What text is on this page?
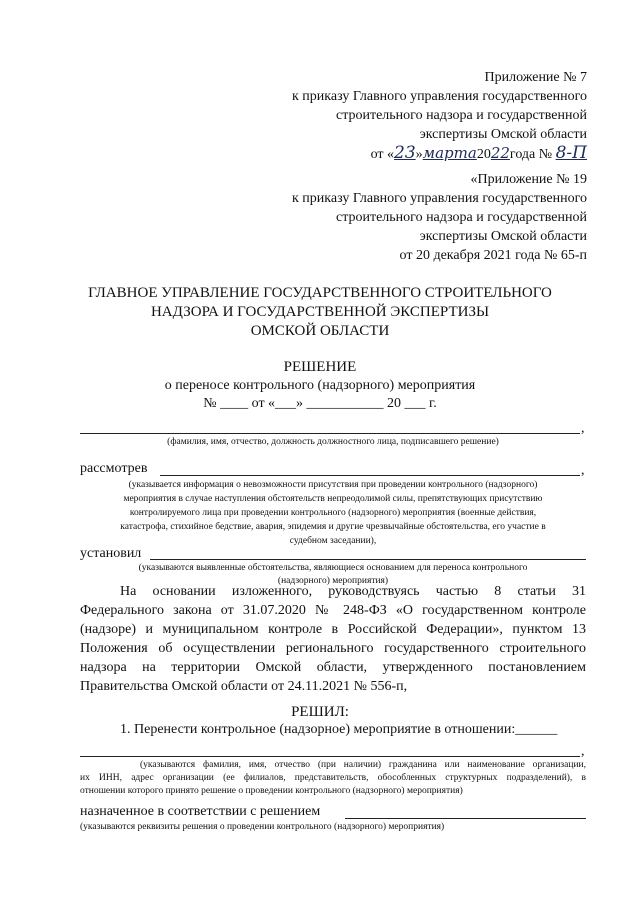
Приложение № 7
к приказу Главного управления государственного
строительного надзора и государственной
экспертизы Омской области
от «23»марта2022года № 8-П
«Приложение № 19
к приказу Главного управления государственного
строительного надзора и государственной
экспертизы Омской области
от 20 декабря 2021 года № 65-п
ГЛАВНОЕ УПРАВЛЕНИЕ ГОСУДАРСТВЕННОГО СТРОИТЕЛЬНОГО
НАДЗОРА И ГОСУДАРСТВЕННОЙ ЭКСПЕРТИЗЫ
ОМСКОЙ ОБЛАСТИ
РЕШЕНИЕ
о переносе контрольного (надзорного) мероприятия
№ ____ от «___» ___________ 20 ___ г.
,
(фамилия, имя, отчество, должность должностного лица, подписавшего решение)
рассмотрев	,
(указывается информация о невозможности присутствия при проведении контрольного (надзорного)
мероприятия в случае наступления обстоятельств непреодолимой силы, препятствующих присутствию
контролируемого лица при проведении контрольного (надзорного) мероприятия (военные действия,
катастрофа, стихийное бедствие, авария, эпидемия и другие чрезвычайные обстоятельства, его участие в
судебном заседании),
установил
(указываются выявленные обстоятельства, являющиеся основанием для переноса контрольного
(надзорного) мероприятия)
На основании изложенного, руководствуясь частью 8 статьи 31
Федерального закона от 31.07.2020 № 248-ФЗ «О государственном контроле
(надзоре) и муниципальном контроле в Российской Федерации», пунктом 13
Положения об осуществлении регионального государственного строительного
надзора на территории Омской области, утвержденного постановлением
Правительства Омской области от 24.11.2021 № 556-п,
РЕШИЛ:
1. Перенести контрольное (надзорное) мероприятие в отношении:______
,
(указываются фамилия, имя, отчество (при наличии) гражданина или наименование организации,
их ИНН, адрес организации (ее филиалов, представительств, обособленных структурных подразделений), в
отношении которого принято решение о проведении контрольного (надзорного) мероприятия)
назначенное в соответствии с решением
(указываются реквизиты решения о проведении контрольного (надзорного) мероприятия)
